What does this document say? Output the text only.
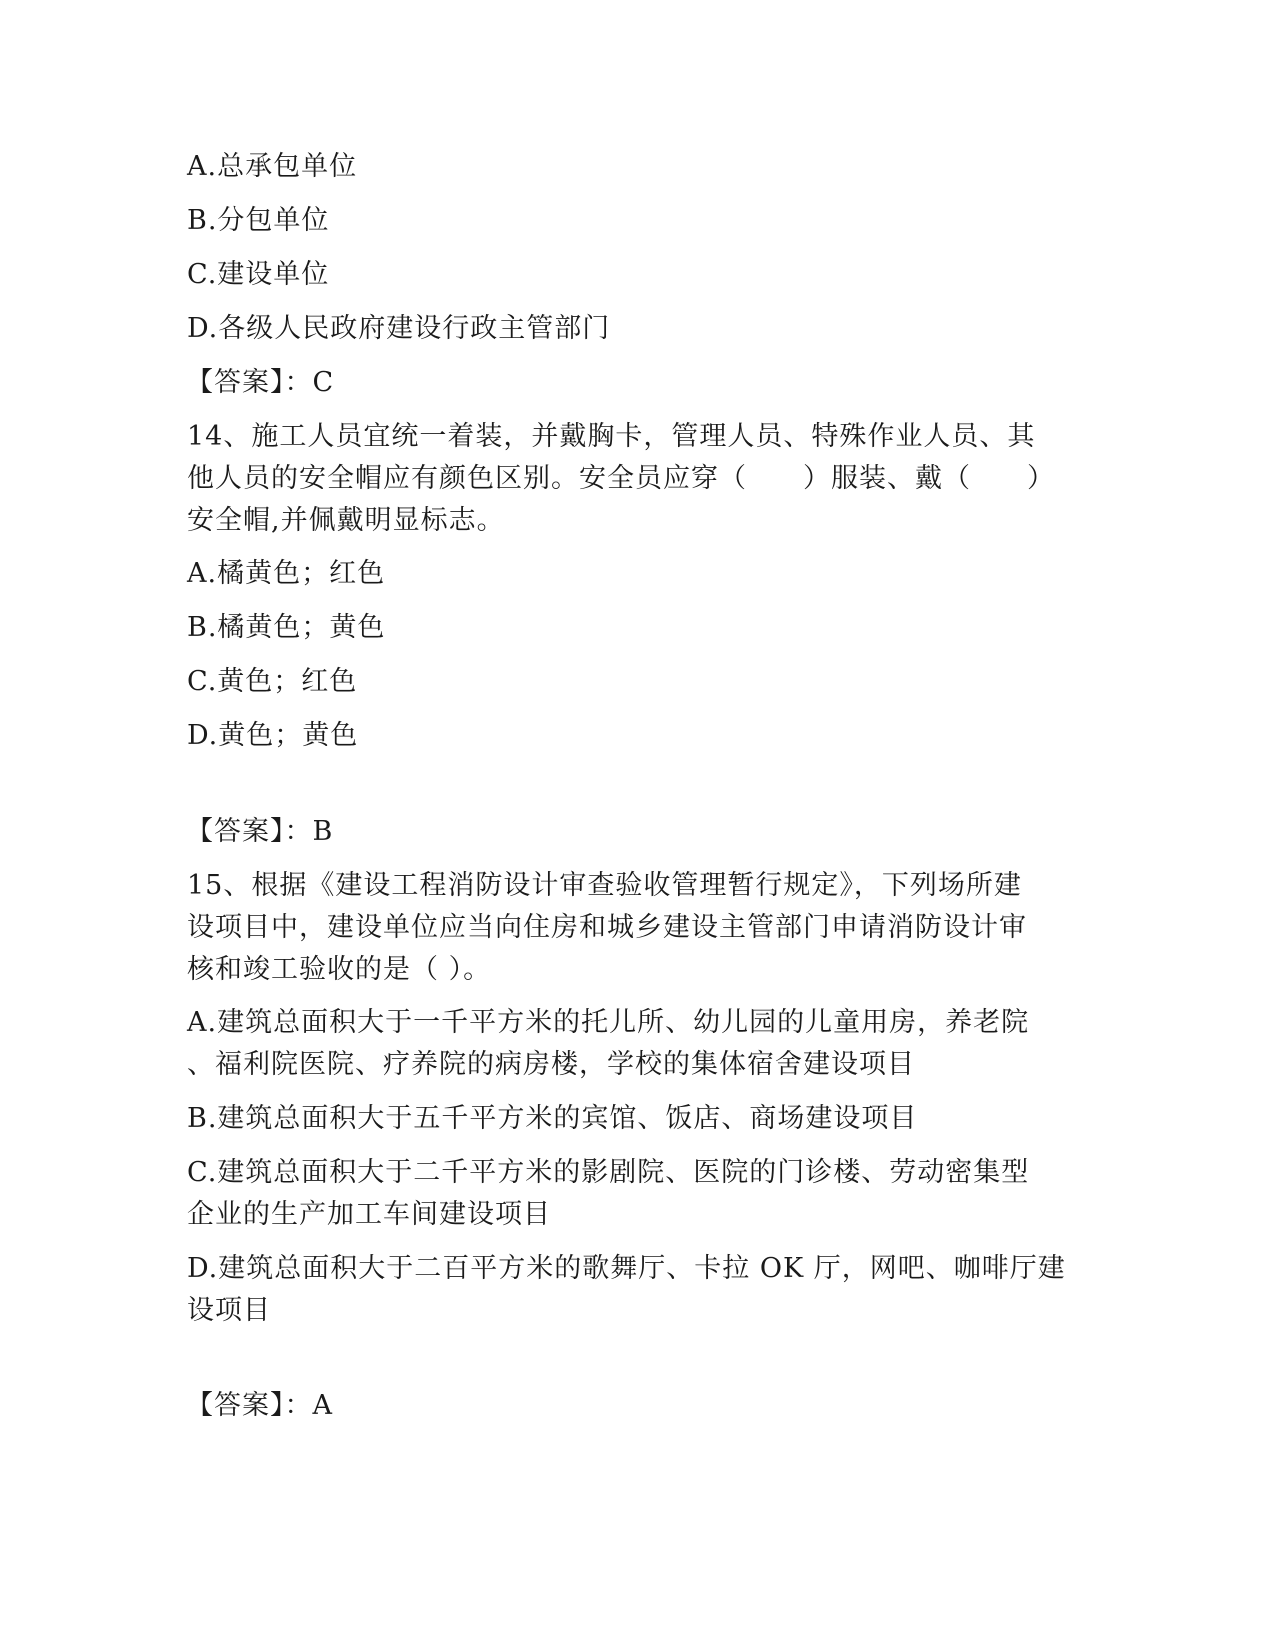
A.总承包单位
B.分包单位
C.建设单位
D.各级人民政府建设行政主管部门
【答案】：C
14、施工人员宜统一着装，并戴胸卡，管理人员、特殊作业人员、其
他人员的安全帽应有颜色区别。安全员应穿（　　）服装、戴（　　）
安全帽,并佩戴明显标志。
A.橘黄色；红色
B.橘黄色；黄色
C.黄色；红色
D.黄色；黄色
【答案】：B
15、根据《建设工程消防设计审查验收管理暂行规定》，下列场所建
设项目中，建设单位应当向住房和城乡建设主管部门申请消防设计审
核和竣工验收的是（ ）。
A.建筑总面积大于一千平方米的托儿所、幼儿园的儿童用房，养老院
、福利院医院、疗养院的病房楼，学校的集体宿舍建设项目
B.建筑总面积大于五千平方米的宾馆、饭店、商场建设项目
C.建筑总面积大于二千平方米的影剧院、医院的门诊楼、劳动密集型
企业的生产加工车间建设项目
D.建筑总面积大于二百平方米的歌舞厅、卡拉 OK 厅，网吧、咖啡厅建
设项目
【答案】：A
